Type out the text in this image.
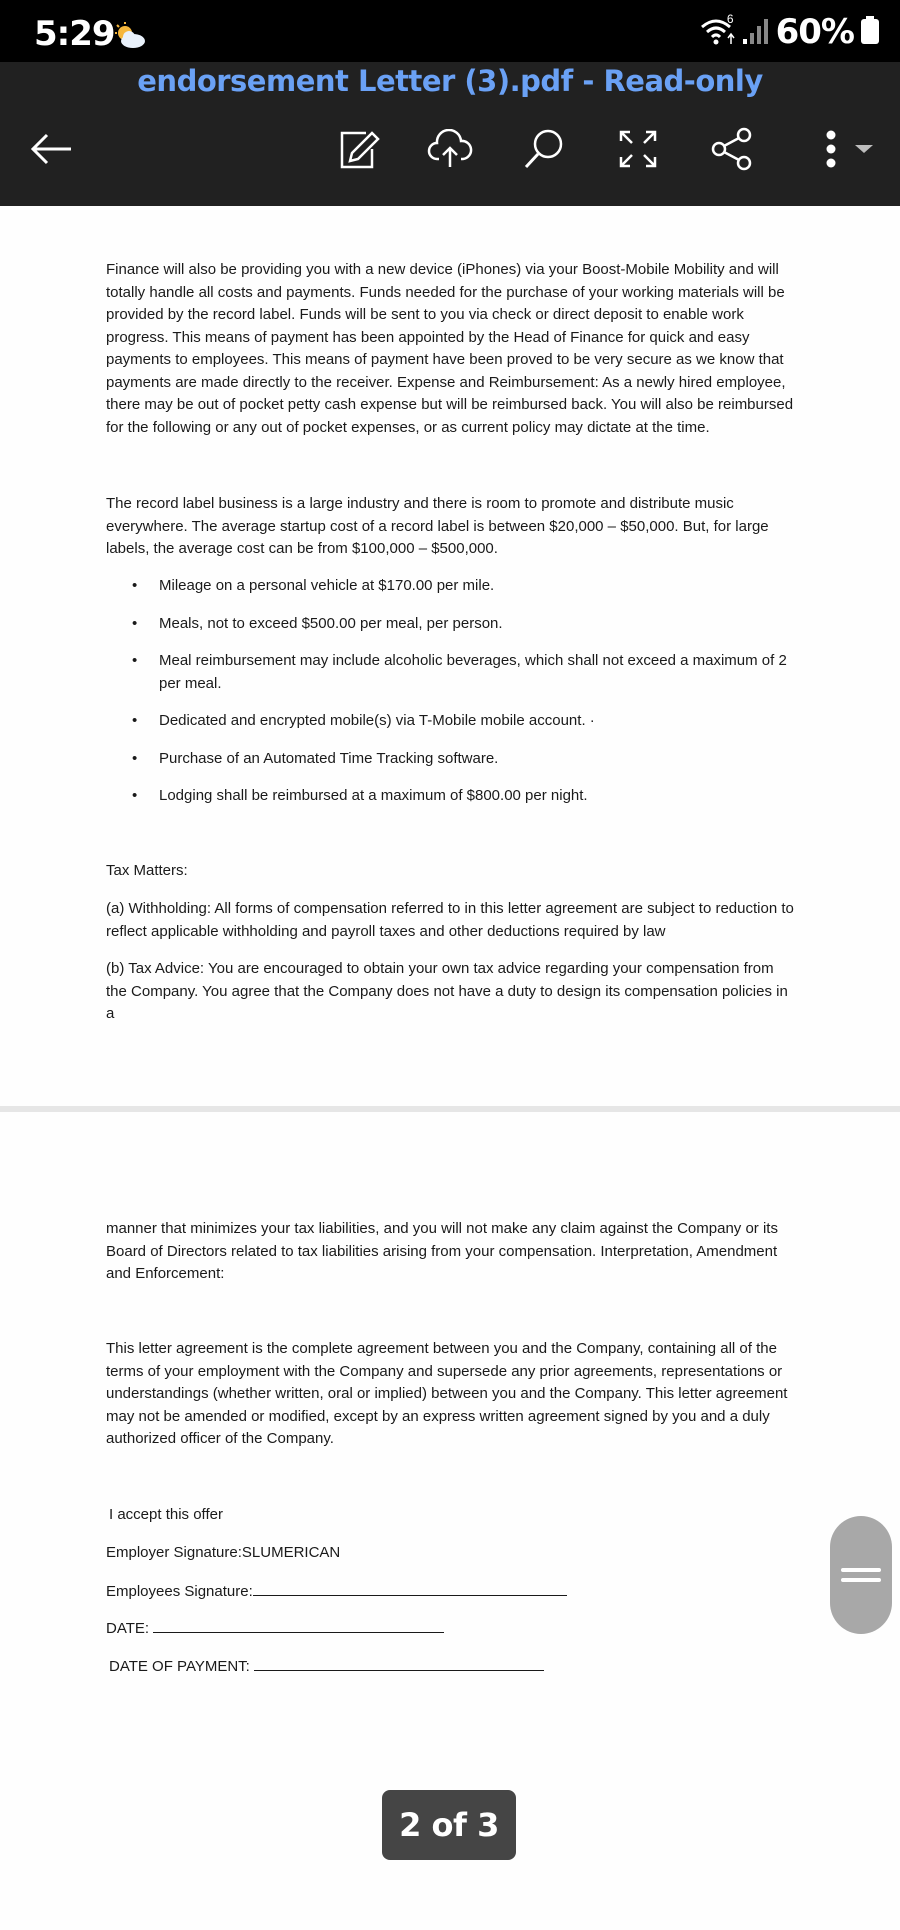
5:29	6 60%
endorsement Letter (3).pdf - Read-only
Finance will also be providing you with a new device (iPhones) via your Boost-Mobile Mobility and will totally handle all costs and payments. Funds needed for the purchase of your working materials will be provided by the record label. Funds will be sent to you via check or direct deposit to enable work progress. This means of payment has been appointed by the Head of Finance for quick and easy payments to employees. This means of payment have been proved to be very secure as we know that payments are made directly to the receiver. Expense and Reimbursement: As a newly hired employee, there may be out of pocket petty cash expense but will be reimbursed back. You will also be reimbursed for the following or any out of pocket expenses, or as current policy may dictate at the time.
The record label business is a large industry and there is room to promote and distribute music everywhere. The average startup cost of a record label is between $20,000 – $50,000. But, for large labels, the average cost can be from $100,000 – $500,000.
• Mileage on a personal vehicle at $170.00 per mile.
• Meals, not to exceed $500.00 per meal, per person.
• Meal reimbursement may include alcoholic beverages, which shall not exceed a maximum of 2 per meal.
• Dedicated and encrypted mobile(s) via T-Mobile mobile account. ·
• Purchase of an Automated Time Tracking software.
• Lodging shall be reimbursed at a maximum of $800.00 per night.
Tax Matters:
(a) Withholding: All forms of compensation referred to in this letter agreement are subject to reduction to reflect applicable withholding and payroll taxes and other deductions required by law
(b) Tax Advice: You are encouraged to obtain your own tax advice regarding your compensation from the Company. You agree that the Company does not have a duty to design its compensation policies in a
manner that minimizes your tax liabilities, and you will not make any claim against the Company or its Board of Directors related to tax liabilities arising from your compensation. Interpretation, Amendment and Enforcement:
This letter agreement is the complete agreement between you and the Company, containing all of the terms of your employment with the Company and supersede any prior agreements, representations or understandings (whether written, oral or implied) between you and the Company. This letter agreement may not be amended or modified, except by an express written agreement signed by you and a duly authorized officer of the Company.
I accept this offer
Employer Signature:SLUMERICAN
Employees Signature:
DATE:
DATE OF PAYMENT:
2 of 3
